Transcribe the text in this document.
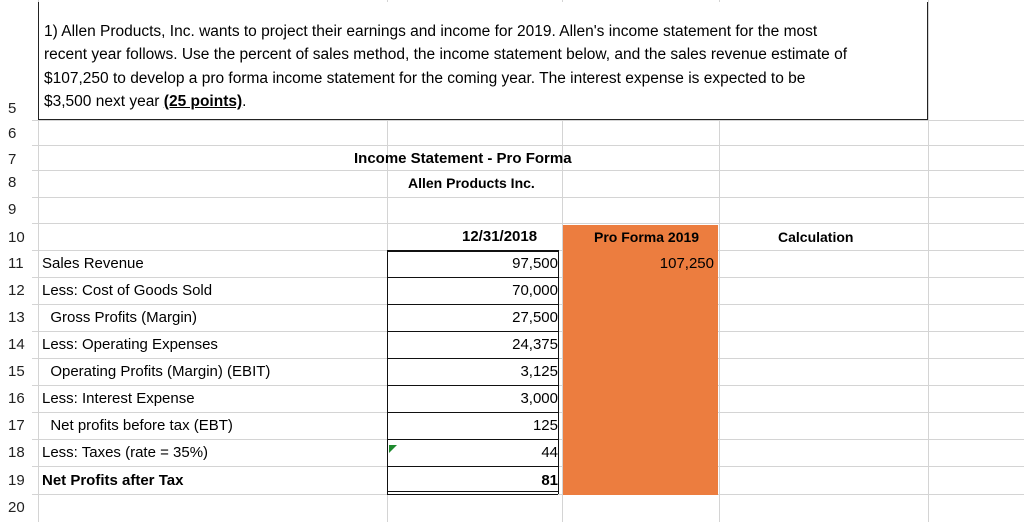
5
6
7
8
9
10
11
12
13
14
15
16
17
18
19
20
1) Allen Products, Inc. wants to project their earnings and income for 2019. Allen's income statement for the most
recent year follows. Use the percent of sales method, the income statement below, and the sales revenue estimate of
$107,250 to develop a pro forma income statement for the coming year. The interest expense is expected to be
$3,500 next year (25 points).
Income Statement - Pro Forma
Allen Products Inc.
12/31/2018	Pro Forma 2019	Calculation
Sales Revenue
Less: Cost of Goods Sold
Gross Profits (Margin)
Less: Operating Expenses
Operating Profits (Margin) (EBIT)
Less: Interest Expense
Net profits before tax (EBT)
Less: Taxes (rate = 35%)
Net Profits after Tax
97,500
70,000
27,500
24,375
3,125
3,000
125
44
81
107,250
